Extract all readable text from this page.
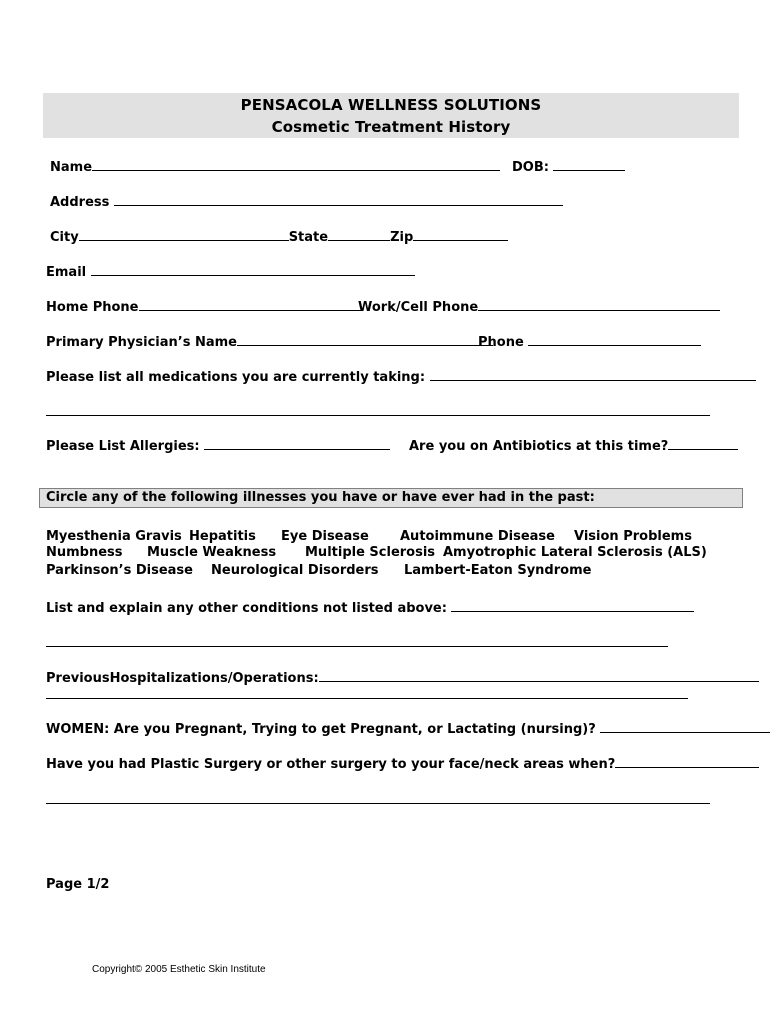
PENSACOLA WELLNESS SOLUTIONS
Cosmetic Treatment History
Name	DOB:
Address
City	State	Zip
Email
Home Phone	Work/Cell Phone
Primary Physician’s Name	Phone
Please list all medications you are currently taking:
Please List Allergies:	Are you on Antibiotics at this time?
Circle any of the following illnesses you have or have ever had in the past:
Myesthenia Gravis Hepatitis Eye Disease Autoimmune Disease Vision Problems
Numbness Muscle Weakness Multiple Sclerosis Amyotrophic Lateral Sclerosis (ALS)
Parkinson’s Disease Neurological Disorders Lambert-Eaton Syndrome
List and explain any other conditions not listed above:
PreviousHospitalizations/Operations:
WOMEN: Are you Pregnant, Trying to get Pregnant, or Lactating (nursing)?
Have you had Plastic Surgery or other surgery to your face/neck areas when?
Page 1/2
Copyright© 2005 Esthetic Skin Institute
